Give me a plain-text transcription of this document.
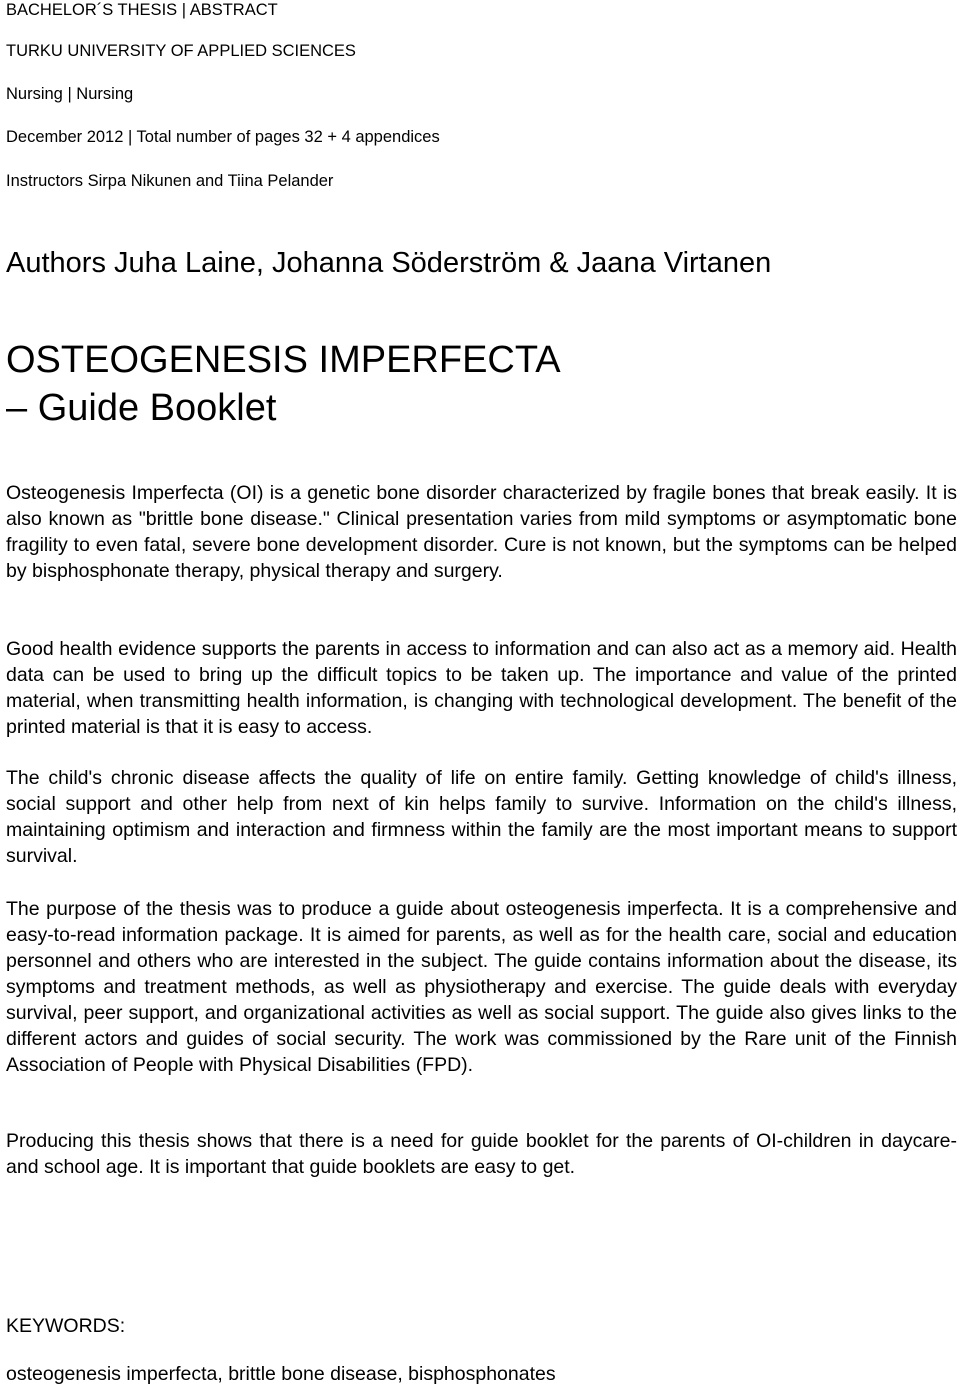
BACHELOR´S THESIS | ABSTRACT
TURKU UNIVERSITY OF APPLIED SCIENCES
Nursing | Nursing
December 2012 | Total number of pages 32 + 4 appendices
Instructors Sirpa Nikunen and Tiina Pelander
Authors Juha Laine, Johanna Söderström & Jaana Virtanen
OSTEOGENESIS IMPERFECTA
– Guide Booklet

Osteogenesis Imperfecta (OI) is a genetic bone disorder characterized by fragile bones that break easily. It is also known as "brittle bone disease." Clinical presentation varies from mild symptoms or asymptomatic bone fragility to even fatal, severe bone development disorder. Cure is not known, but the symptoms can be helped by bisphosphonate therapy, physical therapy and surgery.

Good health evidence supports the parents in access to information and can also act as a memory aid. Health data can be used to bring up the difficult topics to be taken up. The importance and value of the printed material, when transmitting health information, is changing with technological development. The benefit of the printed material is that it is easy to access.

The child's chronic disease affects the quality of life on entire family. Getting knowledge of child's illness, social support and other help from next of kin helps family to survive. Information on the child's illness, maintaining optimism and interaction and firmness within the family are the most important means to support survival.

The purpose of the thesis was to produce a guide about osteogenesis imperfecta. It is a comprehensive and easy-to-read information package. It is aimed for parents, as well as for the health care, social and education personnel and others who are interested in the subject. The guide contains information about the disease, its symptoms and treatment methods, as well as physiotherapy and exercise. The guide deals with everyday survival, peer support, and organizational activities as well as social support. The guide also gives links to the different actors and guides of social security. The work was commissioned by the Rare unit of the Finnish Association of People with Physical Disabilities (FPD).

Producing this thesis shows that there is a need for guide booklet for the parents of OI-children in daycare- and school age. It is important that guide booklets are easy to get.

KEYWORDS:
osteogenesis imperfecta, brittle bone disease, bisphosphonates
